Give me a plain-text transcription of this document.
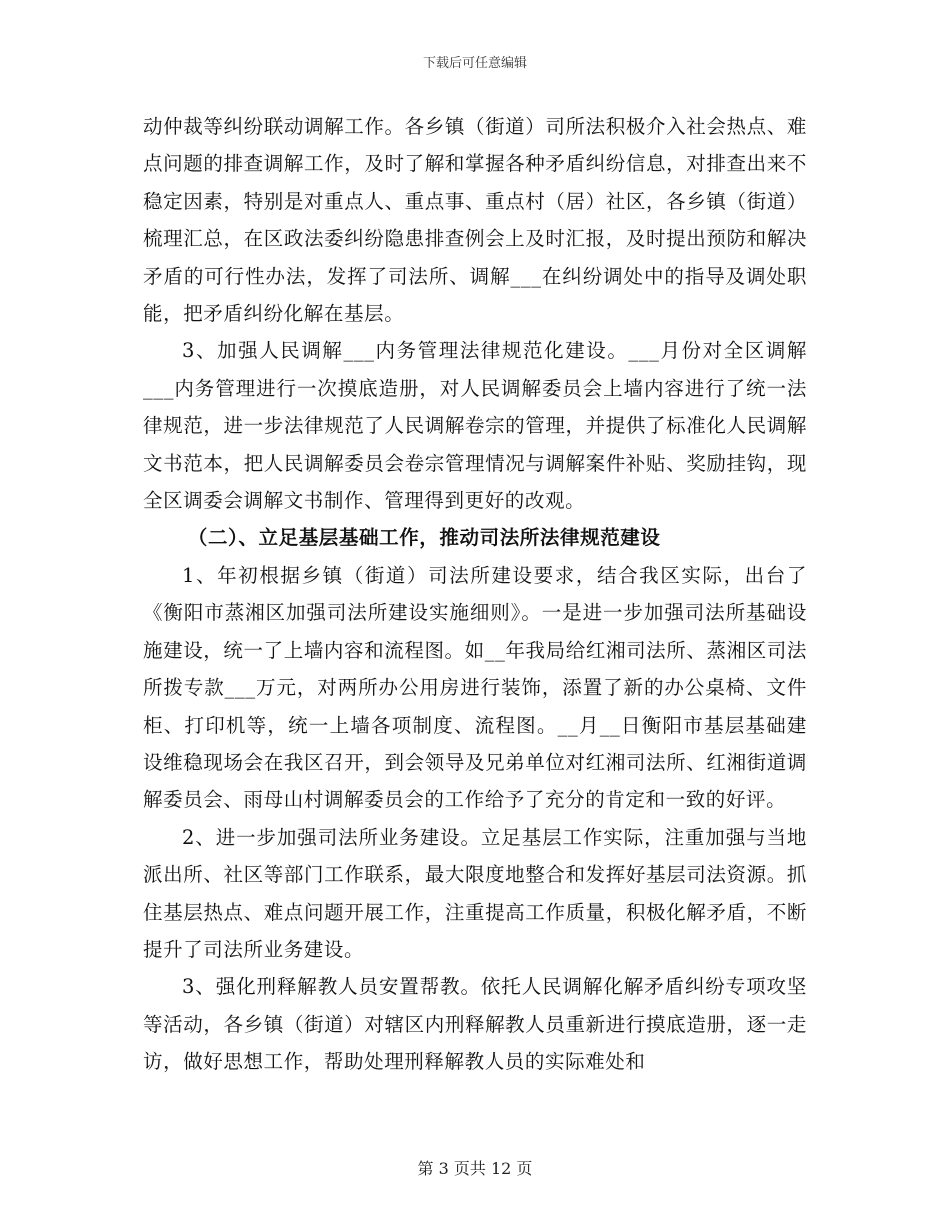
下载后可任意编辑

动仲裁等纠纷联动调解工作。各乡镇（街道）司所法积极介入社会热点、难点问题的排查调解工作，及时了解和掌握各种矛盾纠纷信息，对排查出来不稳定因素，特别是对重点人、重点事、重点村（居）社区，各乡镇（街道）梳理汇总，在区政法委纠纷隐患排查例会上及时汇报，及时提出预防和解决矛盾的可行性办法，发挥了司法所、调解___在纠纷调处中的指导及调处职能，把矛盾纠纷化解在基层。

3、加强人民调解___内务管理法律规范化建设。___月份对全区调解___内务管理进行一次摸底造册，对人民调解委员会上墙内容进行了统一法律规范，进一步法律规范了人民调解卷宗的管理，并提供了标准化人民调解文书范本，把人民调解委员会卷宗管理情况与调解案件补贴、奖励挂钩，现全区调委会调解文书制作、管理得到更好的改观。

（二）、立足基层基础工作，推动司法所法律规范建设

1、年初根据乡镇（街道）司法所建设要求，结合我区实际，出台了《衡阳市蒸湘区加强司法所建设实施细则》。一是进一步加强司法所基础设施建设，统一了上墙内容和流程图。如__年我局给红湘司法所、蒸湘区司法所拨专款___万元，对两所办公用房进行装饰，添置了新的办公桌椅、文件柜、打印机等，统一上墙各项制度、流程图。__月__日衡阳市基层基础建设维稳现场会在我区召开，到会领导及兄弟单位对红湘司法所、红湘街道调解委员会、雨母山村调解委员会的工作给予了充分的肯定和一致的好评。

2、进一步加强司法所业务建设。立足基层工作实际，注重加强与当地派出所、社区等部门工作联系，最大限度地整合和发挥好基层司法资源。抓住基层热点、难点问题开展工作，注重提高工作质量，积极化解矛盾，不断提升了司法所业务建设。

3、强化刑释解教人员安置帮教。依托人民调解化解矛盾纠纷专项攻坚等活动，各乡镇（街道）对辖区内刑释解教人员重新进行摸底造册，逐一走访，做好思想工作，帮助处理刑释解教人员的实际难处和

第 3 页共 12 页
